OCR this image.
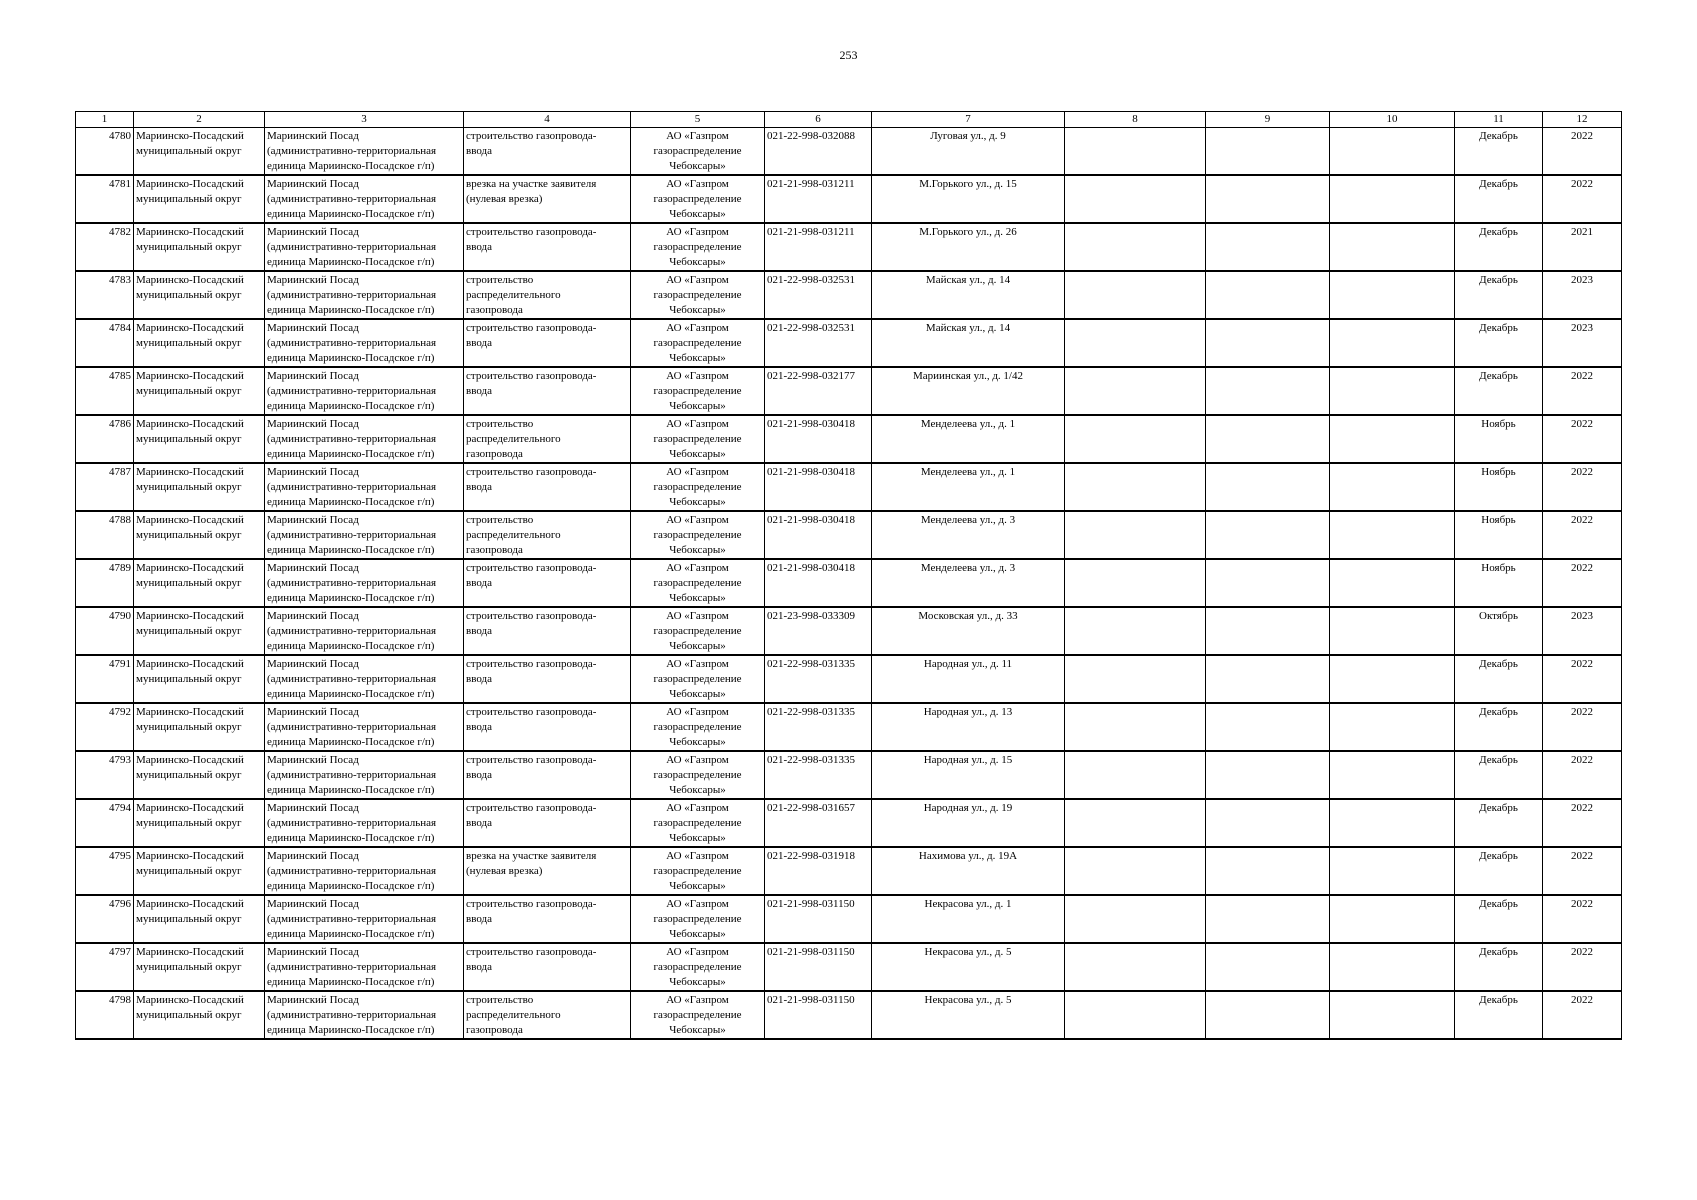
253
1	2	3	4	5	6	7	8	9	10	11	12
4780	Мариинско-Посадский
муниципальный округ	Мариинский Посад
(административно-территориальная
единица Мариинско-Посадское г/п)	строительство газопровода-
ввода	АО «Газпром
газораспределение
Чебоксары»	021-22-998-032088	Луговая ул., д. 9				Декабрь	2022
4781	Мариинско-Посадский
муниципальный округ	Мариинский Посад
(административно-территориальная
единица Мариинско-Посадское г/п)	врезка на участке заявителя
(нулевая врезка)	АО «Газпром
газораспределение
Чебоксары»	021-21-998-031211	М.Горького ул., д. 15				Декабрь	2022
4782	Мариинско-Посадский
муниципальный округ	Мариинский Посад
(административно-территориальная
единица Мариинско-Посадское г/п)	строительство газопровода-
ввода	АО «Газпром
газораспределение
Чебоксары»	021-21-998-031211	М.Горького ул., д. 26				Декабрь	2021
4783	Мариинско-Посадский
муниципальный округ	Мариинский Посад
(административно-территориальная
единица Мариинско-Посадское г/п)	строительство
распределительного
газопровода	АО «Газпром
газораспределение
Чебоксары»	021-22-998-032531	Майская ул., д. 14				Декабрь	2023
4784	Мариинско-Посадский
муниципальный округ	Мариинский Посад
(административно-территориальная
единица Мариинско-Посадское г/п)	строительство газопровода-
ввода	АО «Газпром
газораспределение
Чебоксары»	021-22-998-032531	Майская ул., д. 14				Декабрь	2023
4785	Мариинско-Посадский
муниципальный округ	Мариинский Посад
(административно-территориальная
единица Мариинско-Посадское г/п)	строительство газопровода-
ввода	АО «Газпром
газораспределение
Чебоксары»	021-22-998-032177	Мариинская ул., д. 1/42				Декабрь	2022
4786	Мариинско-Посадский
муниципальный округ	Мариинский Посад
(административно-территориальная
единица Мариинско-Посадское г/п)	строительство
распределительного
газопровода	АО «Газпром
газораспределение
Чебоксары»	021-21-998-030418	Менделеева ул., д. 1				Ноябрь	2022
4787	Мариинско-Посадский
муниципальный округ	Мариинский Посад
(административно-территориальная
единица Мариинско-Посадское г/п)	строительство газопровода-
ввода	АО «Газпром
газораспределение
Чебоксары»	021-21-998-030418	Менделеева ул., д. 1				Ноябрь	2022
4788	Мариинско-Посадский
муниципальный округ	Мариинский Посад
(административно-территориальная
единица Мариинско-Посадское г/п)	строительство
распределительного
газопровода	АО «Газпром
газораспределение
Чебоксары»	021-21-998-030418	Менделеева ул., д. 3				Ноябрь	2022
4789	Мариинско-Посадский
муниципальный округ	Мариинский Посад
(административно-территориальная
единица Мариинско-Посадское г/п)	строительство газопровода-
ввода	АО «Газпром
газораспределение
Чебоксары»	021-21-998-030418	Менделеева ул., д. 3				Ноябрь	2022
4790	Мариинско-Посадский
муниципальный округ	Мариинский Посад
(административно-территориальная
единица Мариинско-Посадское г/п)	строительство газопровода-
ввода	АО «Газпром
газораспределение
Чебоксары»	021-23-998-033309	Московская ул., д. 33				Октябрь	2023
4791	Мариинско-Посадский
муниципальный округ	Мариинский Посад
(административно-территориальная
единица Мариинско-Посадское г/п)	строительство газопровода-
ввода	АО «Газпром
газораспределение
Чебоксары»	021-22-998-031335	Народная ул., д. 11				Декабрь	2022
4792	Мариинско-Посадский
муниципальный округ	Мариинский Посад
(административно-территориальная
единица Мариинско-Посадское г/п)	строительство газопровода-
ввода	АО «Газпром
газораспределение
Чебоксары»	021-22-998-031335	Народная ул., д. 13				Декабрь	2022
4793	Мариинско-Посадский
муниципальный округ	Мариинский Посад
(административно-территориальная
единица Мариинско-Посадское г/п)	строительство газопровода-
ввода	АО «Газпром
газораспределение
Чебоксары»	021-22-998-031335	Народная ул., д. 15				Декабрь	2022
4794	Мариинско-Посадский
муниципальный округ	Мариинский Посад
(административно-территориальная
единица Мариинско-Посадское г/п)	строительство газопровода-
ввода	АО «Газпром
газораспределение
Чебоксары»	021-22-998-031657	Народная ул., д. 19				Декабрь	2022
4795	Мариинско-Посадский
муниципальный округ	Мариинский Посад
(административно-территориальная
единица Мариинско-Посадское г/п)	врезка на участке заявителя
(нулевая врезка)	АО «Газпром
газораспределение
Чебоксары»	021-22-998-031918	Нахимова ул., д. 19А				Декабрь	2022
4796	Мариинско-Посадский
муниципальный округ	Мариинский Посад
(административно-территориальная
единица Мариинско-Посадское г/п)	строительство газопровода-
ввода	АО «Газпром
газораспределение
Чебоксары»	021-21-998-031150	Некрасова ул., д. 1				Декабрь	2022
4797	Мариинско-Посадский
муниципальный округ	Мариинский Посад
(административно-территориальная
единица Мариинско-Посадское г/п)	строительство газопровода-
ввода	АО «Газпром
газораспределение
Чебоксары»	021-21-998-031150	Некрасова ул., д. 5				Декабрь	2022
4798	Мариинско-Посадский
муниципальный округ	Мариинский Посад
(административно-территориальная
единица Мариинско-Посадское г/п)	строительство
распределительного
газопровода	АО «Газпром
газораспределение
Чебоксары»	021-21-998-031150	Некрасова ул., д. 5				Декабрь	2022
